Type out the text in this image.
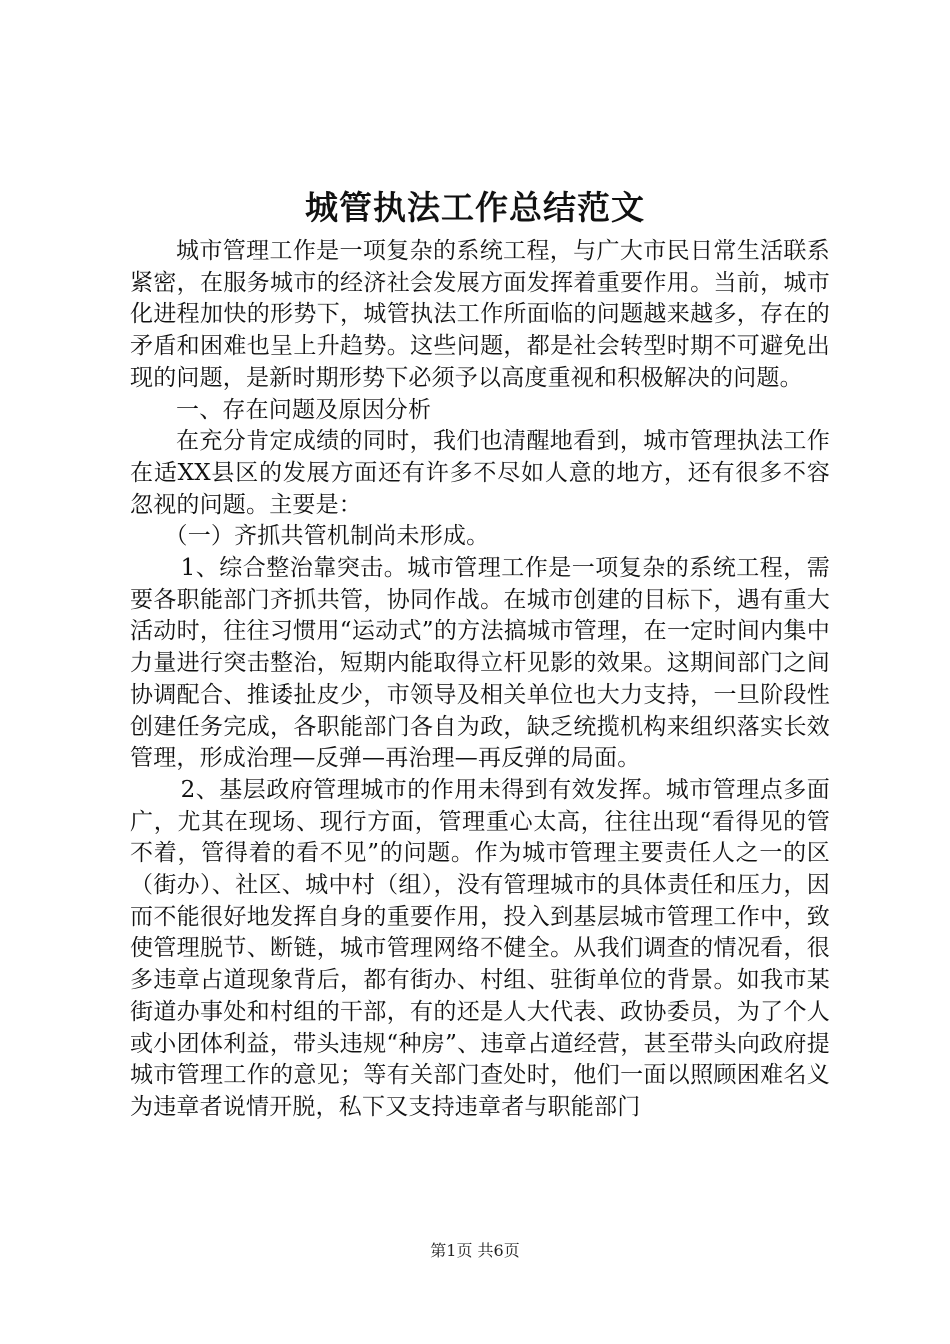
城管执法工作总结范文

城市管理工作是一项复杂的系统工程，与广大市民日常生活联系紧密，在服务城市的经济社会发展方面发挥着重要作用。当前，城市化进程加快的形势下，城管执法工作所面临的问题越来越多，存在的矛盾和困难也呈上升趋势。这些问题，都是社会转型时期不可避免出现的问题，是新时期形势下必须予以高度重视和积极解决的问题。

一、存在问题及原因分析

在充分肯定成绩的同时，我们也清醒地看到，城市管理执法工作在适XX县区的发展方面还有许多不尽如人意的地方，还有很多不容忽视的问题。主要是：

（一）齐抓共管机制尚未形成。

1、综合整治靠突击。城市管理工作是一项复杂的系统工程，需要各职能部门齐抓共管，协同作战。在城市创建的目标下，遇有重大活动时，往往习惯用“运动式”的方法搞城市管理，在一定时间内集中力量进行突击整治，短期内能取得立杆见影的效果。这期间部门之间协调配合、推诿扯皮少，市领导及相关单位也大力支持，一旦阶段性创建任务完成，各职能部门各自为政，缺乏统揽机构来组织落实长效管理，形成治理—反弹—再治理—再反弹的局面。

2、基层政府管理城市的作用未得到有效发挥。城市管理点多面广，尤其在现场、现行方面，管理重心太高，往往出现“看得见的管不着，管得着的看不见”的问题。作为城市管理主要责任人之一的区（街办）、社区、城中村（组），没有管理城市的具体责任和压力，因而不能很好地发挥自身的重要作用，投入到基层城市管理工作中，致使管理脱节、断链，城市管理网络不健全。从我们调查的情况看，很多违章占道现象背后，都有街办、村组、驻街单位的背景。如我市某街道办事处和村组的干部，有的还是人大代表、政协委员，为了个人或小团体利益，带头违规“种房”、违章占道经营，甚至带头向政府提城市管理工作的意见；等有关部门查处时，他们一面以照顾困难名义为违章者说情开脱，私下又支持违章者与职能部门

第1页 共6页
